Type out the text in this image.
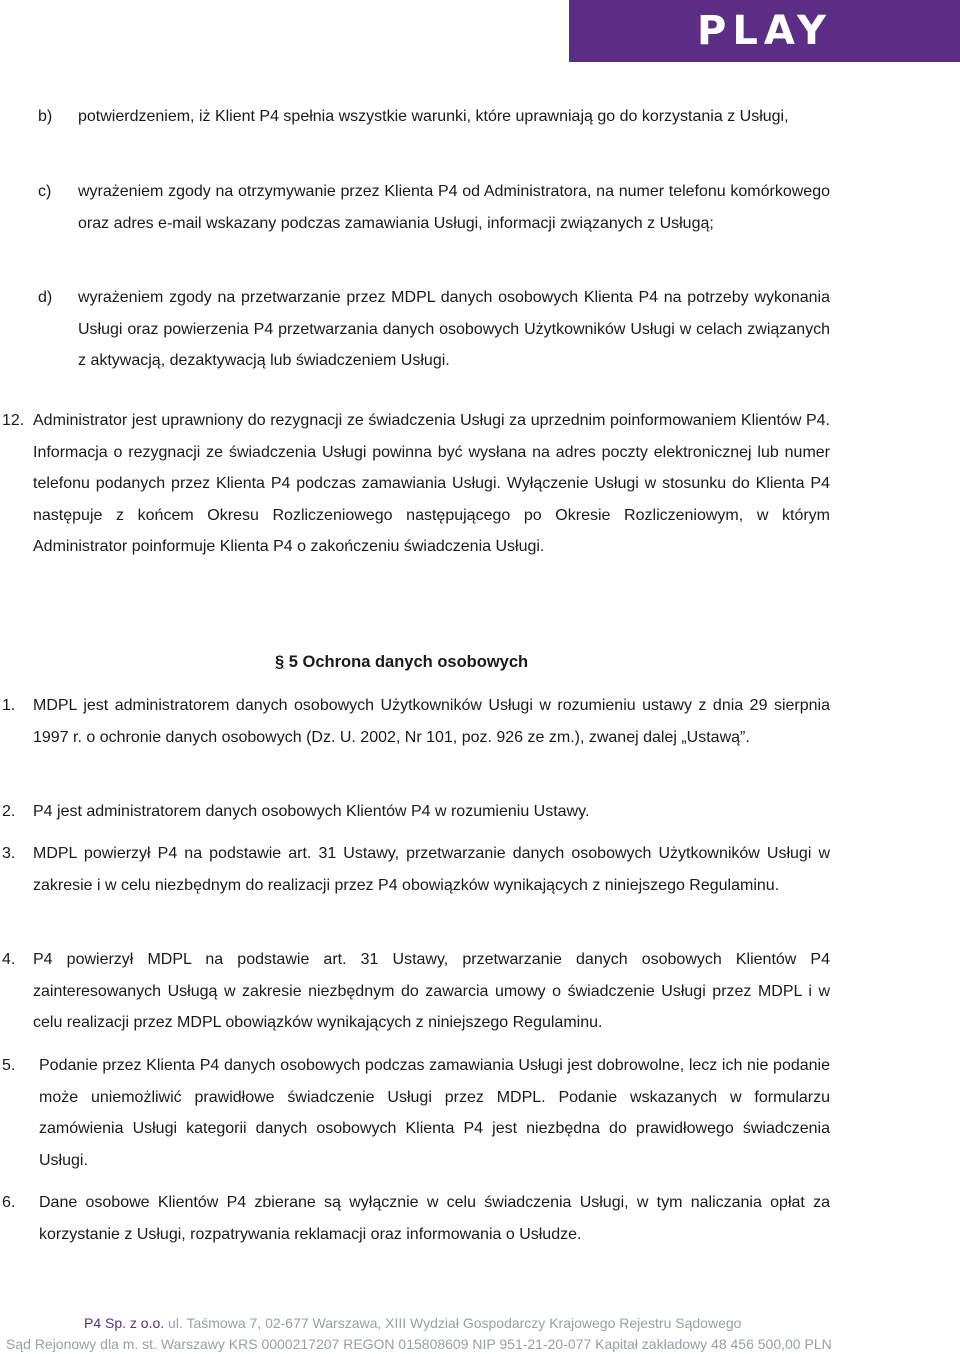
PLAY
b) potwierdzeniem, iż Klient P4 spełnia wszystkie warunki, które uprawniają go do korzystania z Usługi,
c) wyrażeniem zgody na otrzymywanie przez Klienta P4 od Administratora, na numer telefonu komórkowego oraz adres e-mail wskazany podczas zamawiania Usługi, informacji związanych z Usługą;
d) wyrażeniem zgody na przetwarzanie przez MDPL danych osobowych Klienta P4 na potrzeby wykonania Usługi oraz powierzenia P4 przetwarzania danych osobowych Użytkowników Usługi w celach związanych z aktywacją, dezaktywacją lub świadczeniem Usługi.
12. Administrator jest uprawniony do rezygnacji ze świadczenia Usługi za uprzednim poinformowaniem Klientów P4. Informacja o rezygnacji ze świadczenia Usługi powinna być wysłana na adres poczty elektronicznej lub numer telefonu podanych przez Klienta P4 podczas zamawiania Usługi. Wyłączenie Usługi w stosunku do Klienta P4 następuje z końcem Okresu Rozliczeniowego następującego po Okresie Rozliczeniowym, w którym Administrator poinformuje Klienta P4 o zakończeniu świadczenia Usługi.
§ 5 Ochrona danych osobowych
1. MDPL jest administratorem danych osobowych Użytkowników Usługi w rozumieniu ustawy z dnia 29 sierpnia 1997 r. o ochronie danych osobowych (Dz. U. 2002, Nr 101, poz. 926 ze zm.), zwanej dalej „Ustawą”.
2. P4 jest administratorem danych osobowych Klientów P4 w rozumieniu Ustawy.
3. MDPL powierzył P4 na podstawie art. 31 Ustawy, przetwarzanie danych osobowych Użytkowników Usługi w zakresie i w celu niezbędnym do realizacji przez P4 obowiązków wynikających z niniejszego Regulaminu.
4. P4 powierzył MDPL na podstawie art. 31 Ustawy, przetwarzanie danych osobowych Klientów P4 zainteresowanych Usługą w zakresie niezbędnym do zawarcia umowy o świadczenie Usługi przez MDPL i w celu realizacji przez MDPL obowiązków wynikających z niniejszego Regulaminu.
5. Podanie przez Klienta P4 danych osobowych podczas zamawiania Usługi jest dobrowolne, lecz ich nie podanie może uniemożliwić prawidłowe świadczenie Usługi przez MDPL. Podanie wskazanych w formularzu zamówienia Usługi kategorii danych osobowych Klienta P4 jest niezbędna do prawidłowego świadczenia Usługi.
6. Dane osobowe Klientów P4 zbierane są wyłącznie w celu świadczenia Usługi, w tym naliczania opłat za korzystanie z Usługi, rozpatrywania reklamacji oraz informowania o Usłudze.
P4 Sp. z o.o. ul. Taśmowa 7, 02-677 Warszawa, XIII Wydział Gospodarczy Krajowego Rejestru Sądowego
Sąd Rejonowy dla m. st. Warszawy KRS 0000217207 REGON 015808609 NIP 951-21-20-077 Kapitał zakładowy 48 456 500,00 PLN
